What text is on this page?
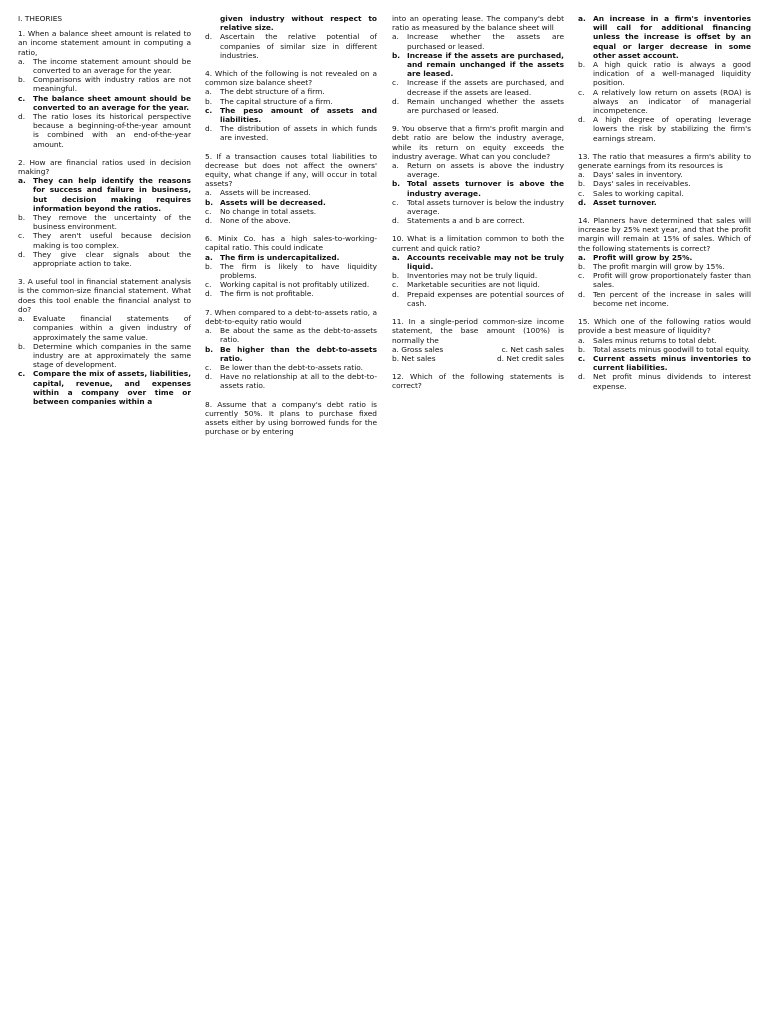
I. THEORIES
1. When a balance sheet amount is related to an income statement amount in computing a ratio,
a.	The income statement amount should be converted to an average for the year.
b.	Comparisons with industry ratios are not meaningful.
c.	The balance sheet amount should be converted to an average for the year.
d.	The ratio loses its historical perspective because a beginning-of-the-year amount is combined with an end-of-the-year amount.
2. How are financial ratios used in decision making?
a. They can help identify the reasons for success and failure in business, but decision making requires information beyond the ratios.
b.	They remove the uncertainty of the business environment.
c.	They aren't useful because decision making is too complex.
d.	They give clear signals about the appropriate action to take.
3. A useful tool in financial statement analysis is the common-size financial statement. What does this tool enable the financial analyst to do?
a.	Evaluate financial statements of companies within a given industry of approximately the same value.
b.	Determine which companies in the same industry are at approximately the same stage of development.
c.	Compare the mix of assets, liabilities, capital, revenue, and expenses within a company over time or between companies within a
given industry without respect to relative size.
d.	Ascertain the relative potential of companies of similar size in different industries.
4. Which of the following is not revealed on a common size balance sheet?
a.	The debt structure of a firm.
b.	The capital structure of a firm.
c.	The peso amount of assets and liabilities.
d.	The distribution of assets in which funds are invested.
5. If a transaction causes total liabilities to decrease but does not affect the owners' equity, what change if any, will occur in total assets?
a.	Assets will be increased.
b. Assets will be decreased.
c.	No change in total assets.
d.	None of the above.
6. Minix Co. has a high sales-to-working-capital ratio. This could indicate
a. The firm is undercapitalized.
b.	The firm is likely to have liquidity problems.
c.	Working capital is not profitably utilized.
d.	The firm is not profitable.
7. When compared to a debt-to-assets ratio, a debt-to-equity ratio would
a.	Be about the same as the debt-to-assets ratio.
b. Be higher than the debt-to-assets ratio.
c.	Be lower than the debt-to-assets ratio.
d.	Have no relationship at all to the debt-to-assets ratio.
8. Assume that a company's debt ratio is currently 50%. It plans to purchase fixed assets either by using borrowed funds for the purchase or by entering
into an operating lease. The company's debt ratio as measured by the balance sheet will
a.	Increase whether the assets are purchased or leased.
b. Increase if the assets are purchased, and remain unchanged if the assets are leased.
c.	Increase if the assets are purchased, and decrease if the assets are leased.
d.	Remain unchanged whether the assets are purchased or leased.
9. You observe that a firm's profit margin and debt ratio are below the industry average, while its return on equity exceeds the industry average. What can you conclude?
a.	Return on assets is above the industry average.
b. Total assets turnover is above the industry average.
c.	Total assets turnover is below the industry average.
d.	Statements a and b are correct.
10. What is a limitation common to both the current and quick ratio?
a. Accounts receivable may not be truly liquid.
b.	Inventories may not be truly liquid.
c.	Marketable securities are not liquid.
d.	Prepaid expenses are potential sources of cash.
11. In a single-period common-size income statement, the base amount (100%) is normally the
a. Gross sales	c. Net cash sales
b. Net sales	d. Net credit sales
12. Which of the following statements is correct?
a. An increase in a firm's inventories will call for additional financing unless the increase is offset by an equal or larger decrease in some other asset account.
b.	A high quick ratio is always a good indication of a well-managed liquidity position.
c.	A relatively low return on assets (ROA) is always an indicator of managerial incompetence.
d.	A high degree of operating leverage lowers the risk by stabilizing the firm's earnings stream.
13. The ratio that measures a firm's ability to generate earnings from its resources is
a.	Days' sales in inventory.
b.	Days' sales in receivables.
c.	Sales to working capital.
d. Asset turnover.
14. Planners have determined that sales will increase by 25% next year, and that the profit margin will remain at 15% of sales. Which of the following statements is correct?
a. Profit will grow by 25%.
b.	The profit margin will grow by 15%.
c.	Profit will grow proportionately faster than sales.
d.	Ten percent of the increase in sales will become net income.
15. Which one of the following ratios would provide a best measure of liquidity?
a.	Sales minus returns to total debt.
b.	Total assets minus goodwill to total equity.
c.	Current assets minus inventories to current liabilities.
d.	Net profit minus dividends to interest expense.
